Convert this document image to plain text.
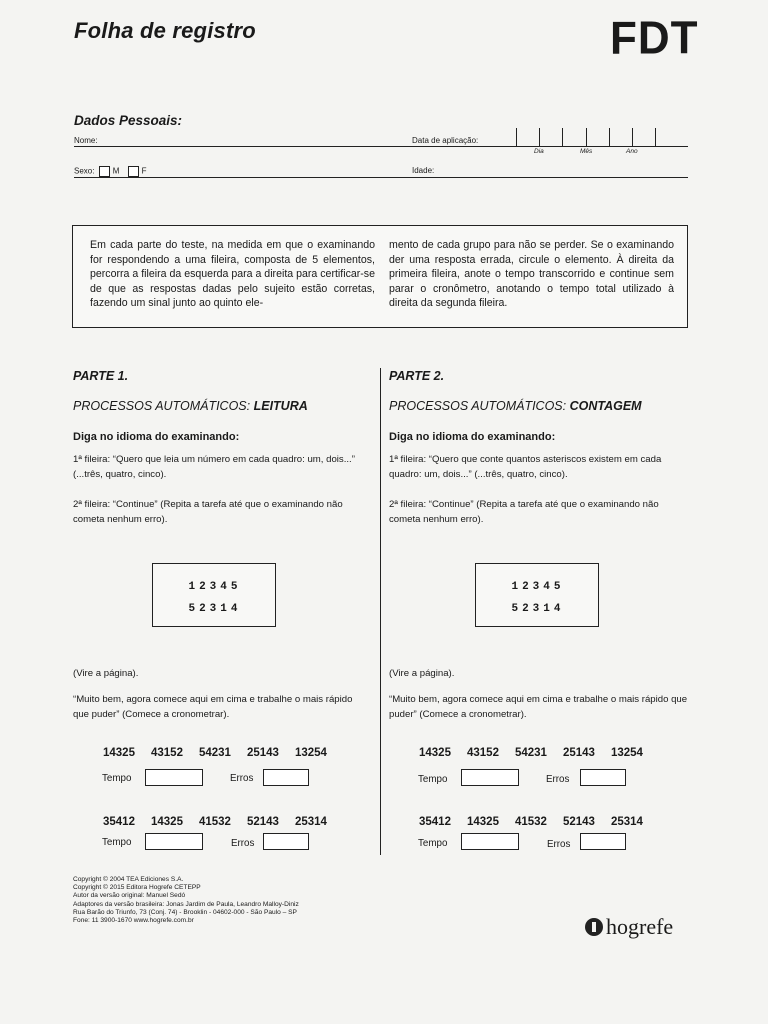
Folha de registro	FDT
Dados Pessoais:
Nome:	Data de aplicação:
Dia	Mês	Ano
Sexo: M	F	Idade:

Em cada parte do teste, na medida em que o examinando for respondendo a uma fileira, composta de 5 elementos, percorra a fileira da esquerda para a direita para certificar-se de que as respostas dadas pelo sujeito estão corretas, fazendo um sinal junto ao quinto ele-

mento de cada grupo para não se perder. Se o examinando der uma resposta errada, circule o elemento. À direita da primeira fileira, anote o tempo transcorrido e continue sem parar o cronômetro, anotando o tempo total utilizado à direita da segunda fileira.

PARTE 1.
PROCESSOS AUTOMÁTICOS: LEITURA
Diga no idioma do examinando:
1ª fileira: “Quero que leia um número em cada quadro: um, dois...” (...três, quatro, cinco).
2ª fileira: “Continue” (Repita a tarefa até que o examinando não cometa nenhum erro).
12345
52314
(Vire a página).
“Muito bem, agora comece aqui em cima e trabalhe o mais rápido que puder” (Comece a cronometrar).
14325 43152 54231 25143 13254
Tempo	Erros
35412 14325 41532 52143 25314
Tempo	Erros
PARTE 2.
PROCESSOS AUTOMÁTICOS: CONTAGEM
Diga no idioma do examinando:
1ª fileira: “Quero que conte quantos asteriscos existem em cada quadro: um, dois...” (...três, quatro, cinco).
2ª fileira: “Continue” (Repita a tarefa até que o examinando não cometa nenhum erro).
12345
52314
(Vire a página).
“Muito bem, agora comece aqui em cima e trabalhe o mais rápido que puder” (Comece a cronometrar).
14325 43152 54231 25143 13254
Tempo	Erros
35412 14325 41532 52143 25314
Tempo	Erros
Copyright © 2004 TEA Ediciones S.A.
Copyright © 2015 Editora Hogrefe CETEPP
Autor da versão original: Manuel Sedó
Adaptores da versão brasileira: Jonas Jardim de Paula, Leandro Malloy-Diniz
Rua Barão do Triunfo, 73 (Conj. 74) - Brooklin - 04602-000 - São Paulo – SP
Fone: 11 3900-1670 www.hogrefe.com.br	hogrefe
